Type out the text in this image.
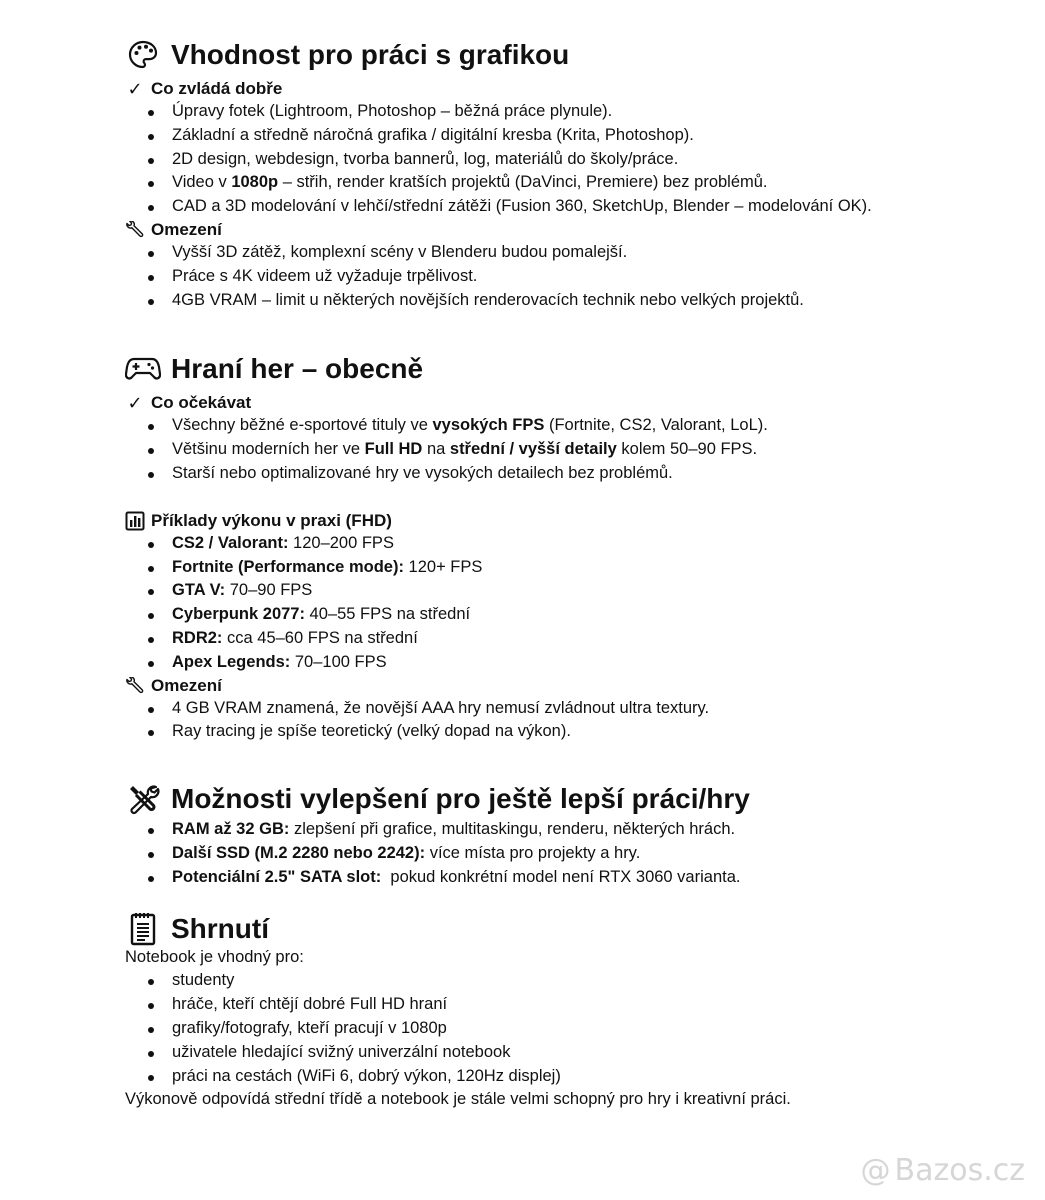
Vhodnost pro práci s grafikou
✓ Co zvládá dobře
Úpravy fotek (Lightroom, Photoshop – běžná práce plynule).
Základní a středně náročná grafika / digitální kresba (Krita, Photoshop).
2D design, webdesign, tvorba bannerů, log, materiálů do školy/práce.
Video v 1080p – střih, render kratších projektů (DaVinci, Premiere) bez problémů.
CAD a 3D modelování v lehčí/střední zátěži (Fusion 360, SketchUp, Blender – modelování OK).
Omezení
Vyšší 3D zátěž, komplexní scény v Blenderu budou pomalejší.
Práce s 4K videem už vyžaduje trpělivost.
4GB VRAM – limit u některých novějších renderovacích technik nebo velkých projektů.
Hraní her – obecně
✓ Co očekávat
Všechny běžné e-sportové tituly ve vysokých FPS (Fortnite, CS2, Valorant, LoL).
Většinu moderních her ve Full HD na střední / vyšší detaily kolem 50–90 FPS.
Starší nebo optimalizované hry ve vysokých detailech bez problémů.
Příklady výkonu v praxi (FHD)
CS2 / Valorant: 120–200 FPS
Fortnite (Performance mode): 120+ FPS
GTA V: 70–90 FPS
Cyberpunk 2077: 40–55 FPS na střední
RDR2: cca 45–60 FPS na střední
Apex Legends: 70–100 FPS
Omezení
4 GB VRAM znamená, že novější AAA hry nemusí zvládnout ultra textury.
Ray tracing je spíše teoretický (velký dopad na výkon).
Možnosti vylepšení pro ještě lepší práci/hry
RAM až 32 GB: zlepšení při grafice, multitaskingu, renderu, některých hrách.
Další SSD (M.2 2280 nebo 2242): více místa pro projekty a hry.
Potenciální 2.5" SATA slot:  pokud konkrétní model není RTX 3060 varianta.
Shrnutí

Notebook je vhodný pro:

studenty
hráče, kteří chtějí dobré Full HD hraní
grafiky/fotografy, kteří pracují v 1080p
uživatele hledající svižný univerzální notebook
práci na cestách (WiFi 6, dobrý výkon, 120Hz displej)

Výkonově odpovídá střední třídě a notebook je stále velmi schopný pro hry i kreativní práci.

@ Bazos.cz
